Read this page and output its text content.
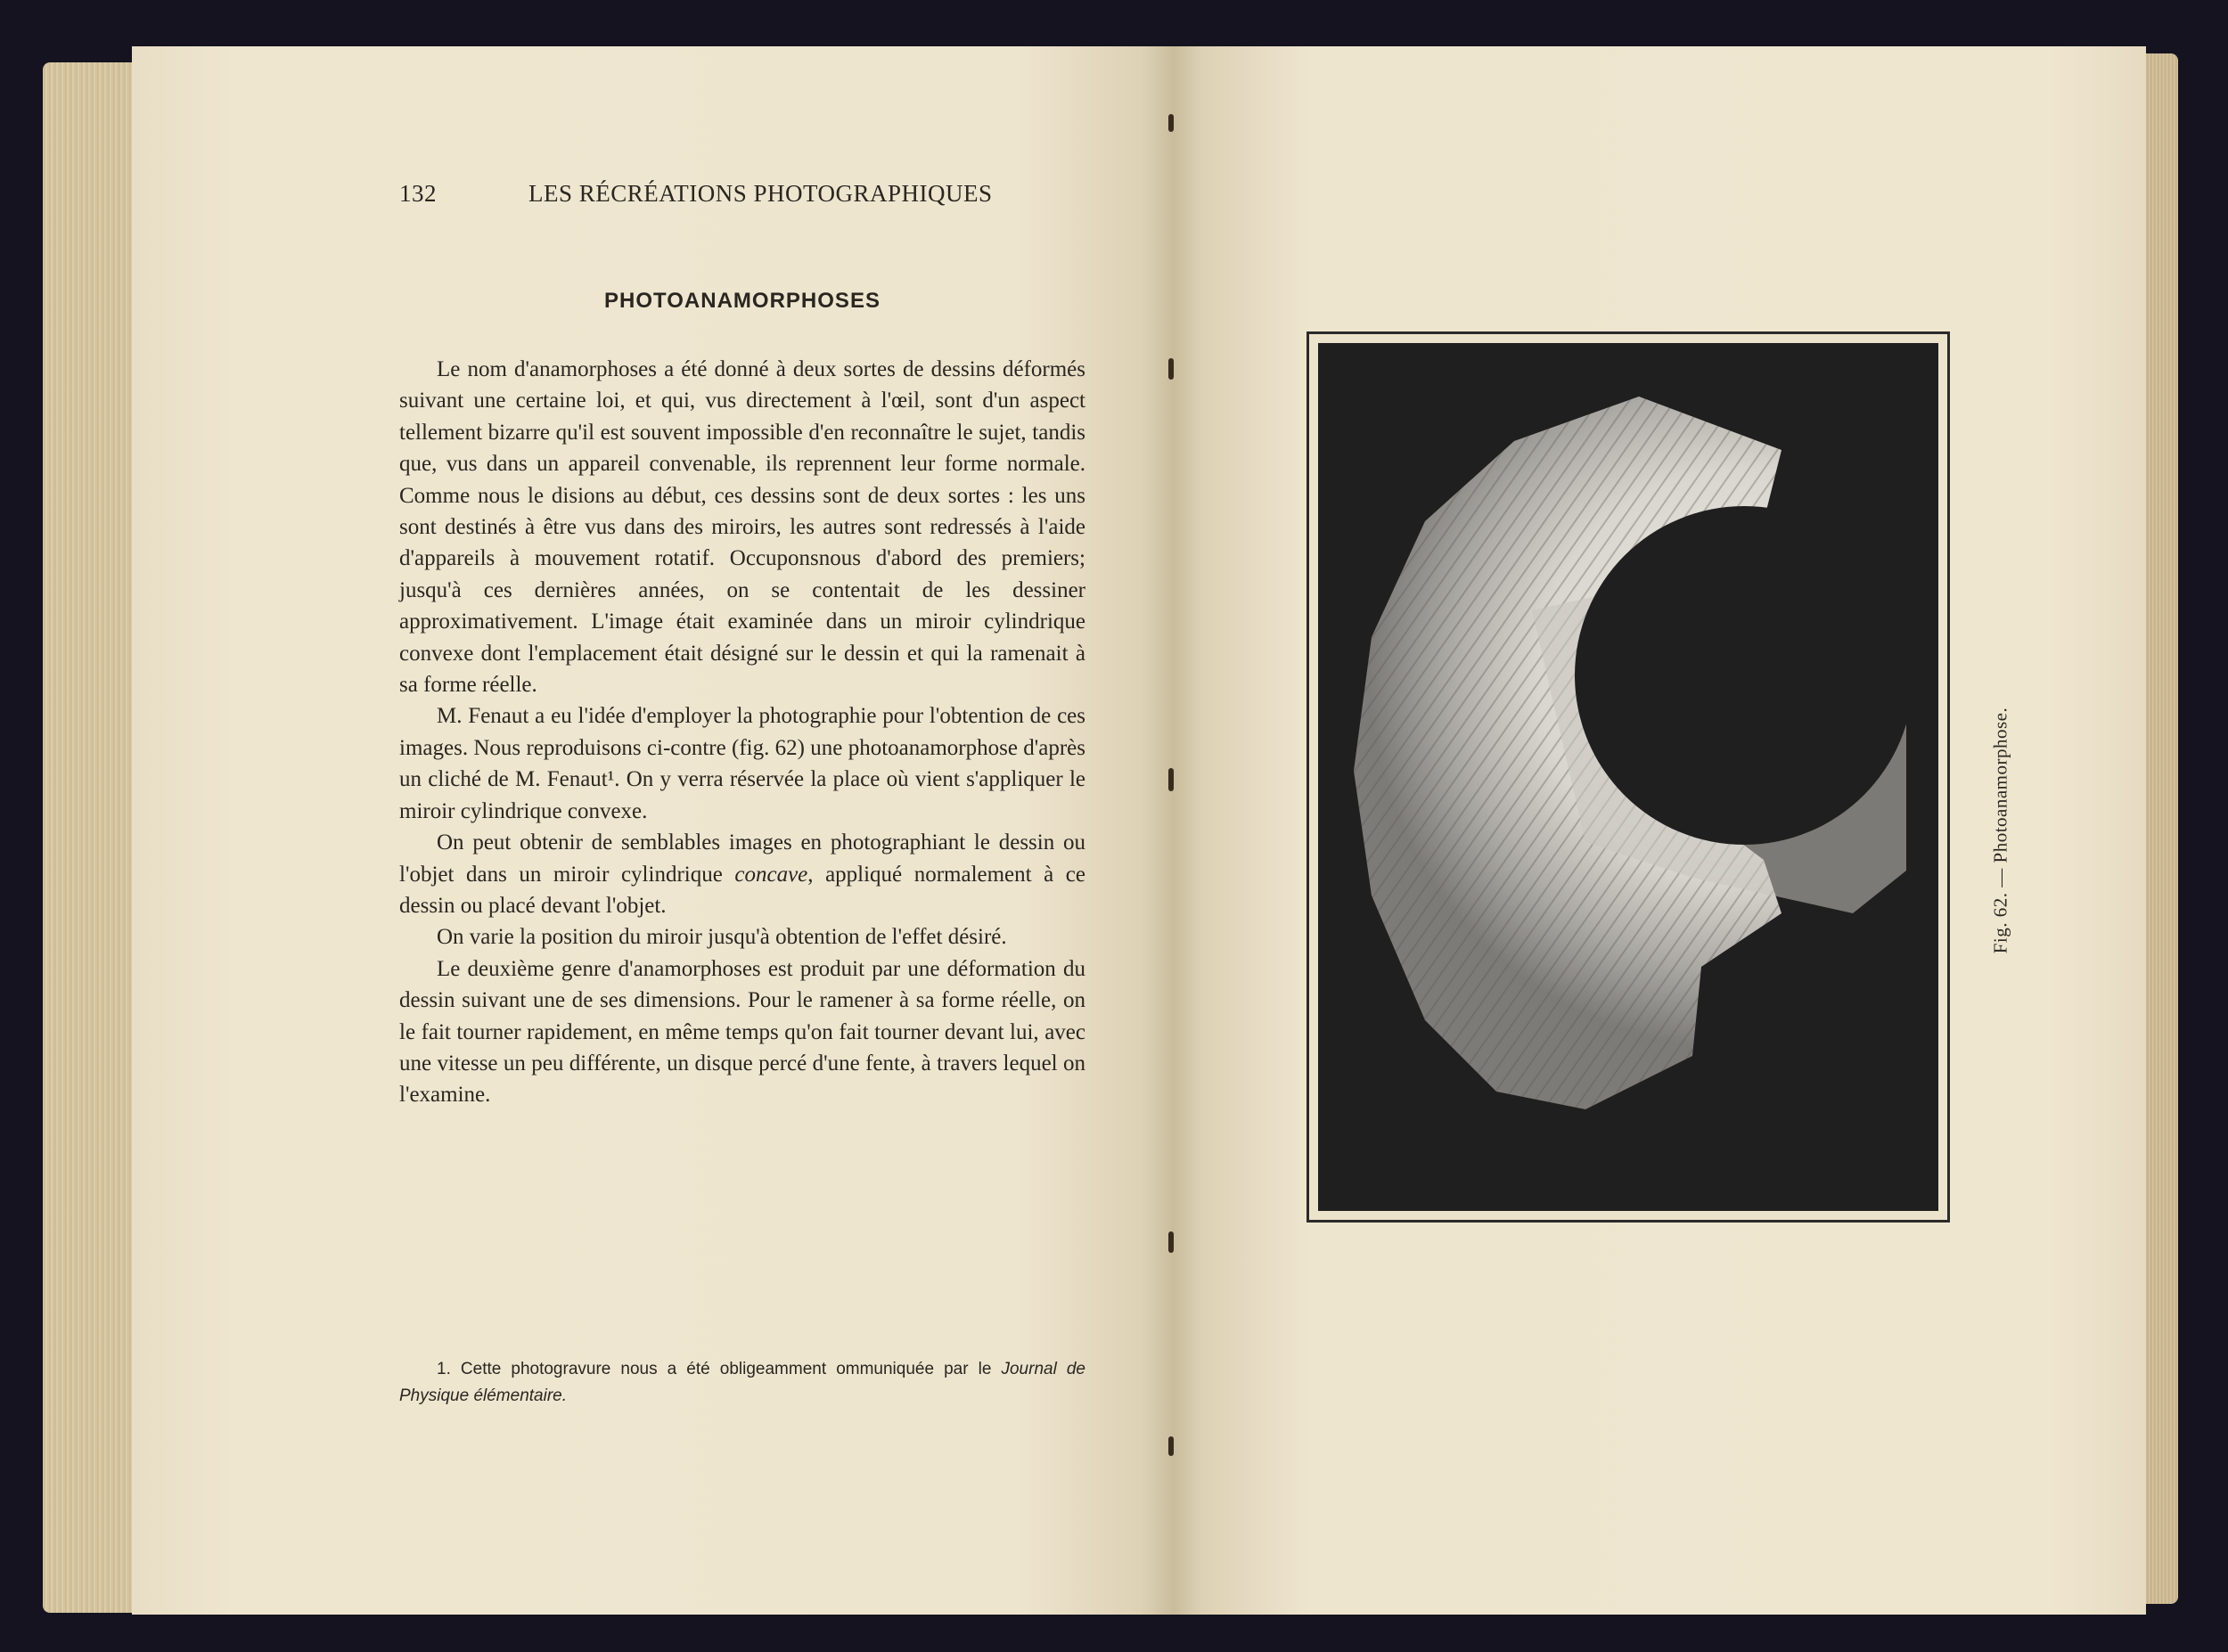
132	LES RÉCRÉATIONS PHOTOGRAPHIQUES
PHOTOANAMORPHOSES

Le nom d'anamorphoses a été donné à deux sortes de dessins déformés suivant une certaine loi, et qui, vus directement à l'œil, sont d'un aspect tellement bizarre qu'il est souvent impossible d'en reconnaître le sujet, tandis que, vus dans un appareil convenable, ils reprennent leur forme normale. Comme nous le disions au début, ces dessins sont de deux sortes : les uns sont destinés à être vus dans des miroirs, les autres sont redressés à l'aide d'appareils à mouvement rotatif. Occuponsnous d'abord des premiers; jusqu'à ces dernières années, on se contentait de les dessiner approximativement. L'image était examinée dans un miroir cylindrique convexe dont l'emplacement était désigné sur le dessin et qui la ramenait à sa forme réelle.

M. Fenaut a eu l'idée d'employer la photographie pour l'obtention de ces images. Nous reproduisons ci-contre (fig. 62) une photoanamorphose d'après un cliché de M. Fenaut¹. On y verra réservée la place où vient s'appliquer le miroir cylindrique convexe.

On peut obtenir de semblables images en photographiant le dessin ou l'objet dans un miroir cylindrique concave, appliqué normalement à ce dessin ou placé devant l'objet.

On varie la position du miroir jusqu'à obtention de l'effet désiré.

Le deuxième genre d'anamorphoses est produit par une déformation du dessin suivant une de ses dimensions. Pour le ramener à sa forme réelle, on le fait tourner rapidement, en même temps qu'on fait tourner devant lui, avec une vitesse un peu différente, un disque percé d'une fente, à travers lequel on l'examine.

1. Cette photogravure nous a été obligeamment ommuniquée par le Journal de Physique élémentaire.

Fig. 62. — Photoanamorphose.
